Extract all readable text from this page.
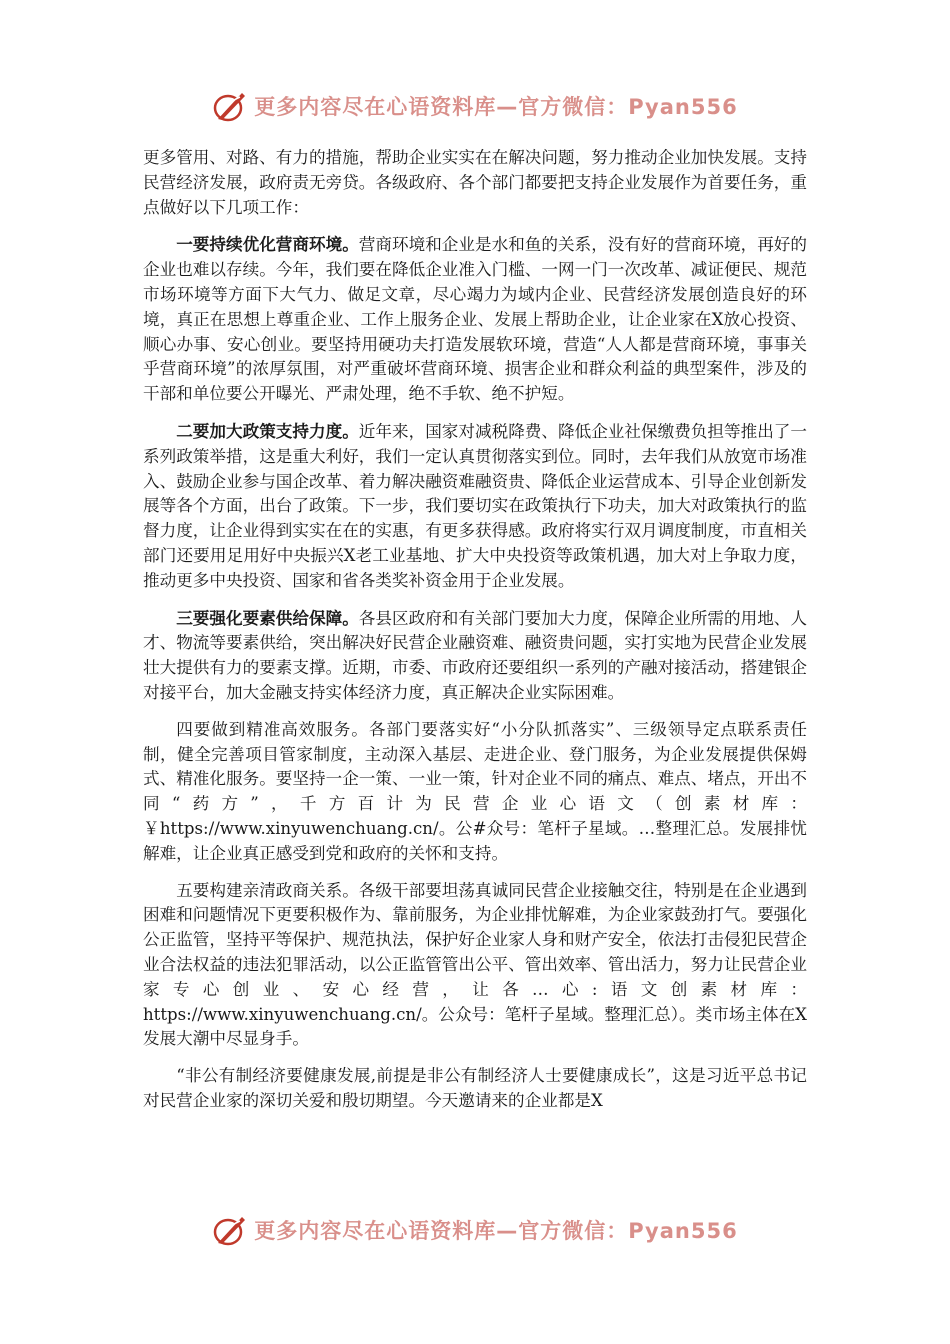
更多内容尽在心语资料库—官方微信：Pyan556

更多管用、对路、有力的措施，帮助企业实实在在解决问题，努力推动企业加快发展。支持民营经济发展，政府责无旁贷。各级政府、各个部门都要把支持企业发展作为首要任务，重点做好以下几项工作：

一要持续优化营商环境。营商环境和企业是水和鱼的关系，没有好的营商环境，再好的企业也难以存续。今年，我们要在降低企业准入门槛、一网一门一次改革、减证便民、规范市场环境等方面下大气力、做足文章，尽心竭力为域内企业、民营经济发展创造良好的环境，真正在思想上尊重企业、工作上服务企业、发展上帮助企业，让企业家在X放心投资、顺心办事、安心创业。要坚持用硬功夫打造发展软环境，营造“人人都是营商环境，事事关乎营商环境”的浓厚氛围，对严重破坏营商环境、损害企业和群众利益的典型案件，涉及的干部和单位要公开曝光、严肃处理，绝不手软、绝不护短。

二要加大政策支持力度。近年来，国家对减税降费、降低企业社保缴费负担等推出了一系列政策举措，这是重大利好，我们一定认真贯彻落实到位。同时，去年我们从放宽市场准入、鼓励企业参与国企改革、着力解决融资难融资贵、降低企业运营成本、引导企业创新发展等各个方面，出台了政策。下一步，我们要切实在政策执行下功夫，加大对政策执行的监督力度，让企业得到实实在在的实惠，有更多获得感。政府将实行双月调度制度，市直相关部门还要用足用好中央振兴X老工业基地、扩大中央投资等政策机遇，加大对上争取力度，推动更多中央投资、国家和省各类奖补资金用于企业发展。

三要强化要素供给保障。各县区政府和有关部门要加大力度，保障企业所需的用地、人才、物流等要素供给，突出解决好民营企业融资难、融资贵问题，实打实地为民营企业发展壮大提供有力的要素支撑。近期，市委、市政府还要组织一系列的产融对接活动，搭建银企对接平台，加大金融支持实体经济力度，真正解决企业实际困难。

四要做到精准高效服务。各部门要落实好“小分队抓落实”、三级领导定点联系责任制，健全完善项目管家制度，主动深入基层、走进企业、登门服务，为企业发展提供保姆式、精准化服务。要坚持一企一策、一业一策，针对企业不同的痛点、难点、堵点，开出不同“药方”，千方百计为民营企业心语文（创素材库：￥https://www.xinyuwenchuang.cn/。公#众号：笔杆子星域。…整理汇总。发展排忧解难，让企业真正感受到党和政府的关怀和支持。

五要构建亲清政商关系。各级干部要坦荡真诚同民营企业接触交往，特别是在企业遇到困难和问题情况下更要积极作为、靠前服务，为企业排忧解难，为企业家鼓劲打气。要强化公正监管，坚持平等保护、规范执法，保护好企业家人身和财产安全，依法打击侵犯民营企业合法权益的违法犯罪活动，以公正监管管出公平、管出效率、管出活力，努力让民营企业家专心创业、安心经营，让各…心:语文创素材库：https://www.xinyuwenchuang.cn/。公众号：笔杆子星域。整理汇总）。类市场主体在X发展大潮中尽显身手。

“非公有制经济要健康发展,前提是非公有制经济人士要健康成长”，这是习近平总书记对民营企业家的深切关爱和殷切期望。今天邀请来的企业都是X

更多内容尽在心语资料库—官方微信：Pyan556
